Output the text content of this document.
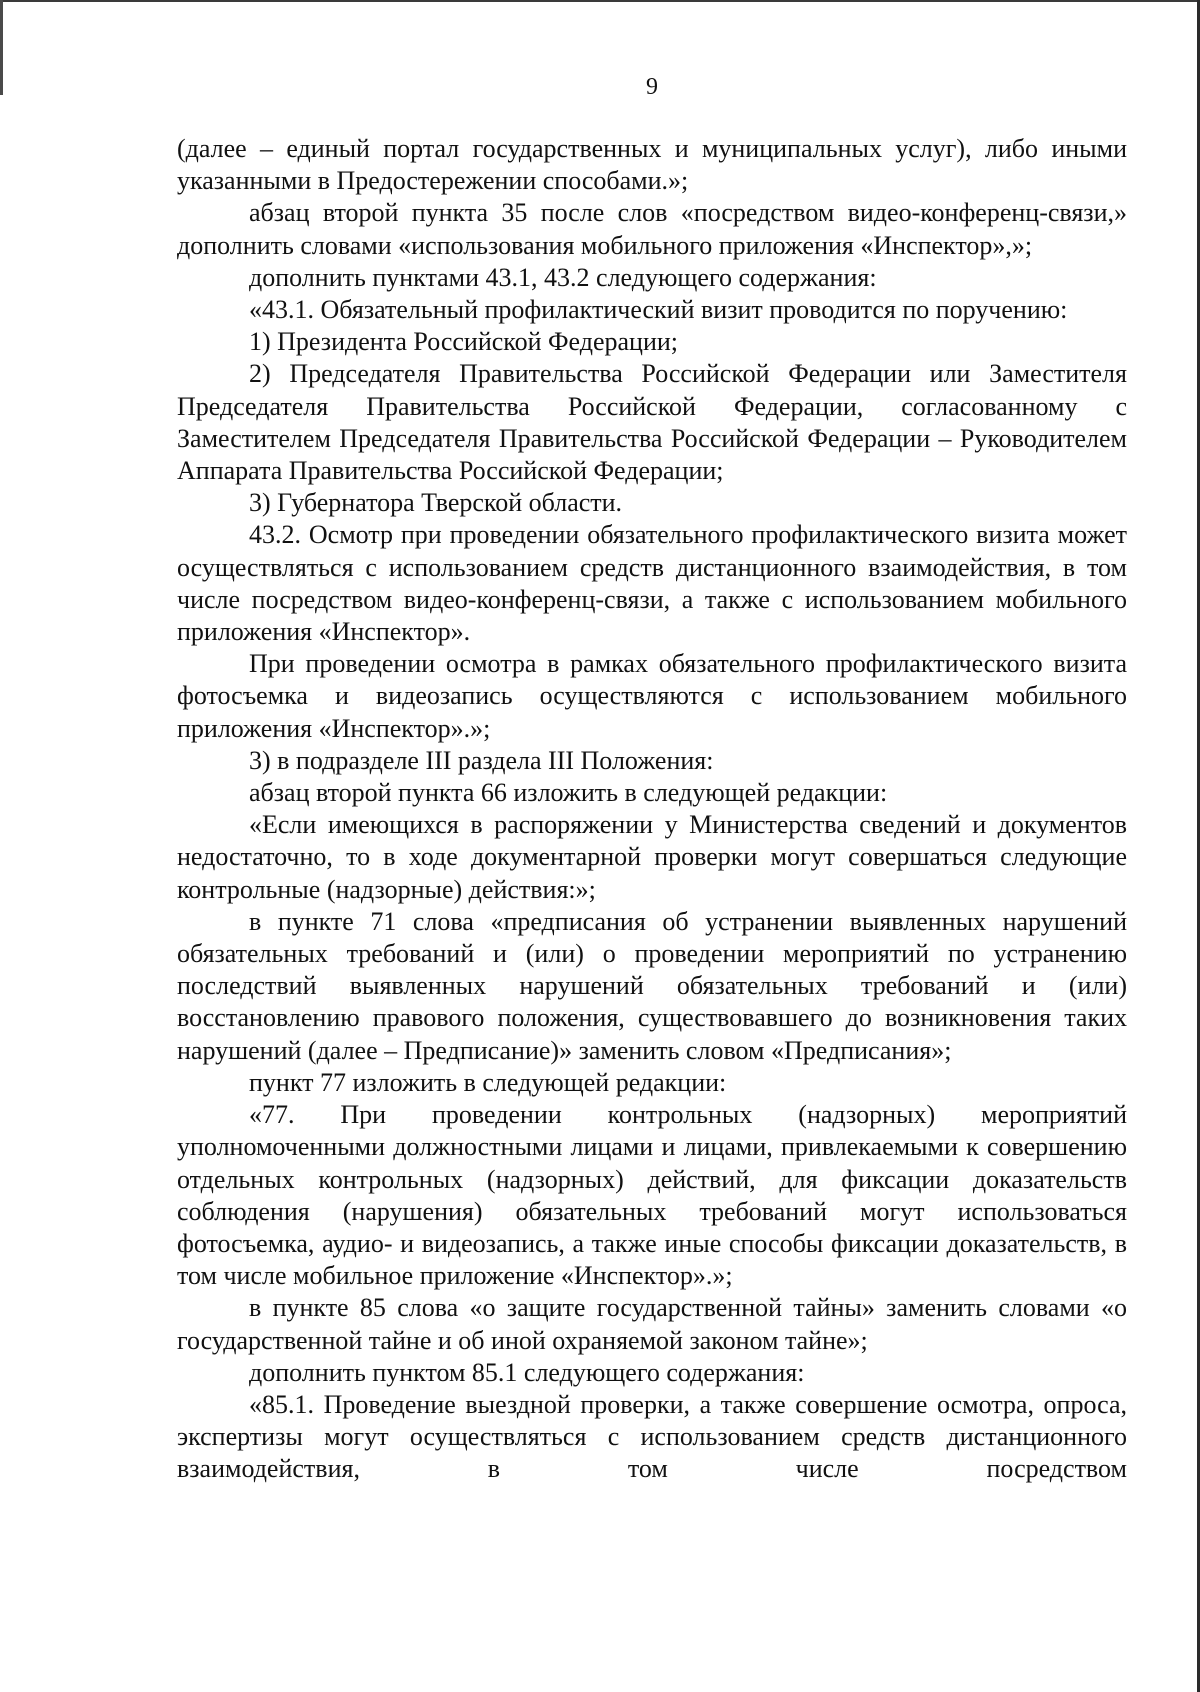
9

(далее – единый портал государственных и муниципальных услуг), либо иными указанными в Предостережении способами.»;

абзац второй пункта 35 после слов «посредством видео-конференц-связи,» дополнить словами «использования мобильного приложения «Инспектор»,»;

дополнить пунктами 43.1, 43.2 следующего содержания:

«43.1. Обязательный профилактический визит проводится по поручению:

1) Президента Российской Федерации;

2) Председателя Правительства Российской Федерации или Заместителя Председателя Правительства Российской Федерации, согласованному с Заместителем Председателя Правительства Российской Федерации – Руководителем Аппарата Правительства Российской Федерации;

3) Губернатора Тверской области.

43.2. Осмотр при проведении обязательного профилактического визита может осуществляться с использованием средств дистанционного взаимодействия, в том числе посредством видео-конференц-связи, а также с использованием мобильного приложения «Инспектор».

При проведении осмотра в рамках обязательного профилактического визита фотосъемка и видеозапись осуществляются с использованием мобильного приложения «Инспектор».»;

3) в подразделе III раздела III Положения:

абзац второй пункта 66 изложить в следующей редакции:

«Если имеющихся в распоряжении у Министерства сведений и документов недостаточно, то в ходе документарной проверки могут совершаться следующие контрольные (надзорные) действия:»;

в пункте 71 слова «предписания об устранении выявленных нарушений обязательных требований и (или) о проведении мероприятий по устранению последствий выявленных нарушений обязательных требований и (или) восстановлению правового положения, существовавшего до возникновения таких нарушений (далее – Предписание)» заменить словом «Предписания»;

пункт 77 изложить в следующей редакции:

«77. При проведении контрольных (надзорных) мероприятий уполномоченными должностными лицами и лицами, привлекаемыми к совершению отдельных контрольных (надзорных) действий, для фиксации доказательств соблюдения (нарушения) обязательных требований могут использоваться фотосъемка, аудио- и видеозапись, а также иные способы фиксации доказательств, в том числе мобильное приложение «Инспектор».»;

в пункте 85 слова «о защите государственной тайны» заменить словами «о государственной тайне и об иной охраняемой законом тайне»;

дополнить пунктом 85.1 следующего содержания:

«85.1. Проведение выездной проверки, а также совершение осмотра, опроса, экспертизы могут осуществляться с использованием средств дистанционного взаимодействия, в том числе посредством
